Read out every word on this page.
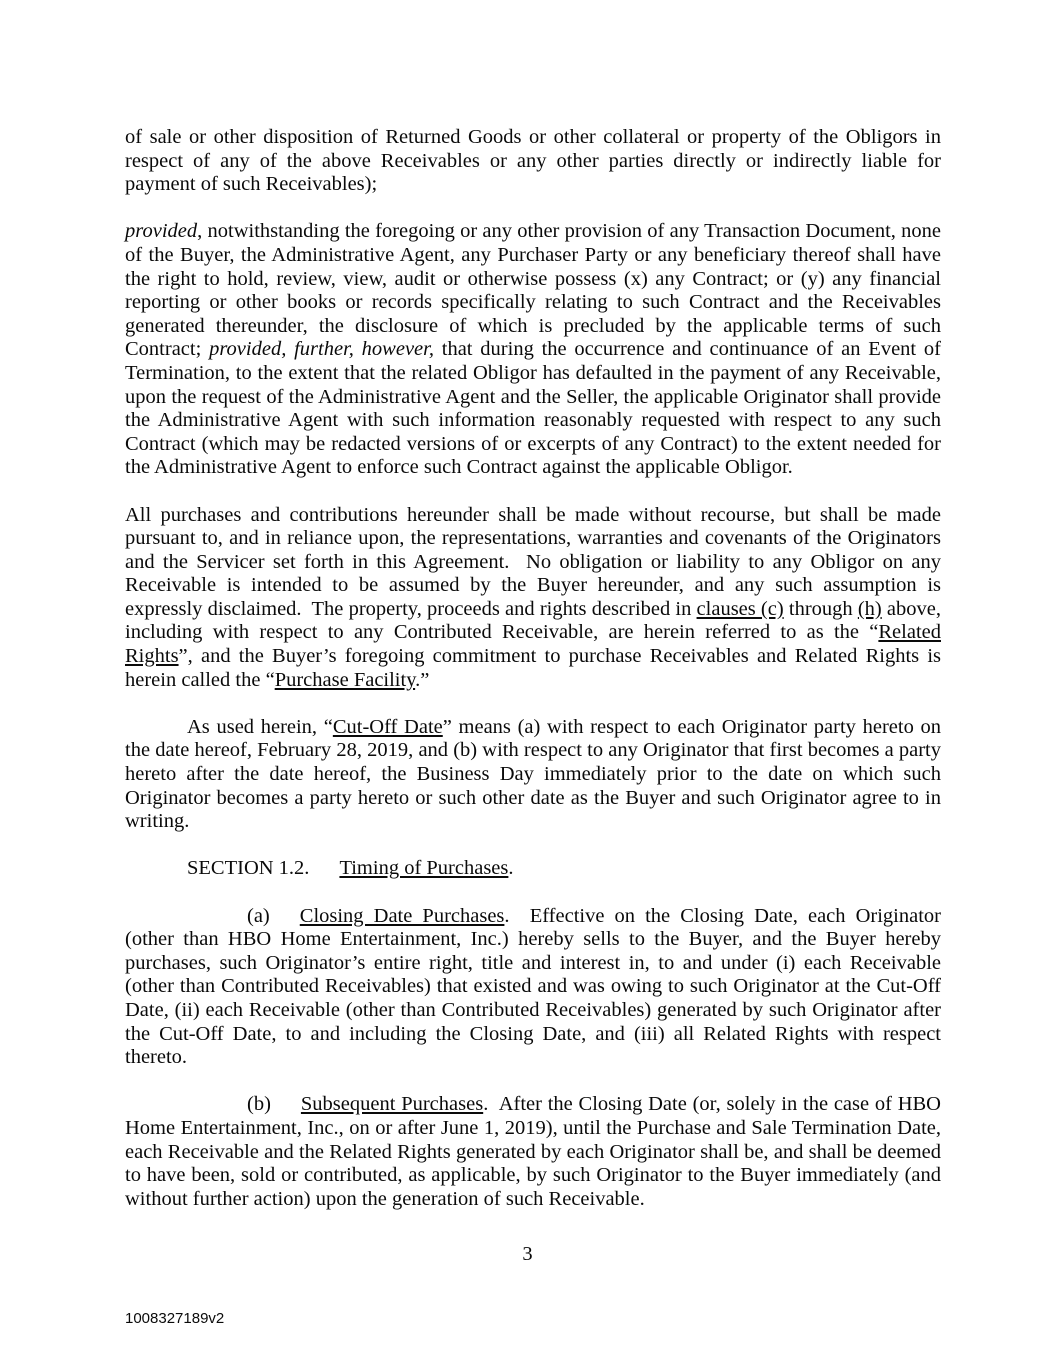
of sale or other disposition of Returned Goods or other collateral or property of the Obligors in respect of any of the above Receivables or any other parties directly or indirectly liable for payment of such Receivables);
provided, notwithstanding the foregoing or any other provision of any Transaction Document, none of the Buyer, the Administrative Agent, any Purchaser Party or any beneficiary thereof shall have the right to hold, review, view, audit or otherwise possess (x) any Contract; or (y) any financial reporting or other books or records specifically relating to such Contract and the Receivables generated thereunder, the disclosure of which is precluded by the applicable terms of such Contract; provided, further, however, that during the occurrence and continuance of an Event of Termination, to the extent that the related Obligor has defaulted in the payment of any Receivable, upon the request of the Administrative Agent and the Seller, the applicable Originator shall provide the Administrative Agent with such information reasonably requested with respect to any such Contract (which may be redacted versions of or excerpts of any Contract) to the extent needed for the Administrative Agent to enforce such Contract against the applicable Obligor.
All purchases and contributions hereunder shall be made without recourse, but shall be made pursuant to, and in reliance upon, the representations, warranties and covenants of the Originators and the Servicer set forth in this Agreement.  No obligation or liability to any Obligor on any Receivable is intended to be assumed by the Buyer hereunder, and any such assumption is expressly disclaimed.  The property, proceeds and rights described in clauses (c) through (h) above, including with respect to any Contributed Receivable, are herein referred to as the “Related Rights”, and the Buyer’s foregoing commitment to purchase Receivables and Related Rights is herein called the “Purchase Facility.”
As used herein, “Cut-Off Date” means (a) with respect to each Originator party hereto on the date hereof, February 28, 2019, and (b) with respect to any Originator that first becomes a party hereto after the date hereof, the Business Day immediately prior to the date on which such Originator becomes a party hereto or such other date as the Buyer and such Originator agree to in writing.
SECTION 1.2. Timing of Purchases.
(a) Closing Date Purchases.  Effective on the Closing Date, each Originator (other than HBO Home Entertainment, Inc.) hereby sells to the Buyer, and the Buyer hereby purchases, such Originator’s entire right, title and interest in, to and under (i) each Receivable (other than Contributed Receivables) that existed and was owing to such Originator at the Cut-Off Date, (ii) each Receivable (other than Contributed Receivables) generated by such Originator after the Cut-Off Date, to and including the Closing Date, and (iii) all Related Rights with respect thereto.
(b) Subsequent Purchases.  After the Closing Date (or, solely in the case of HBO Home Entertainment, Inc., on or after June 1, 2019), until the Purchase and Sale Termination Date, each Receivable and the Related Rights generated by each Originator shall be, and shall be deemed to have been, sold or contributed, as applicable, by such Originator to the Buyer immediately (and without further action) upon the generation of such Receivable.
3
1008327189v2
